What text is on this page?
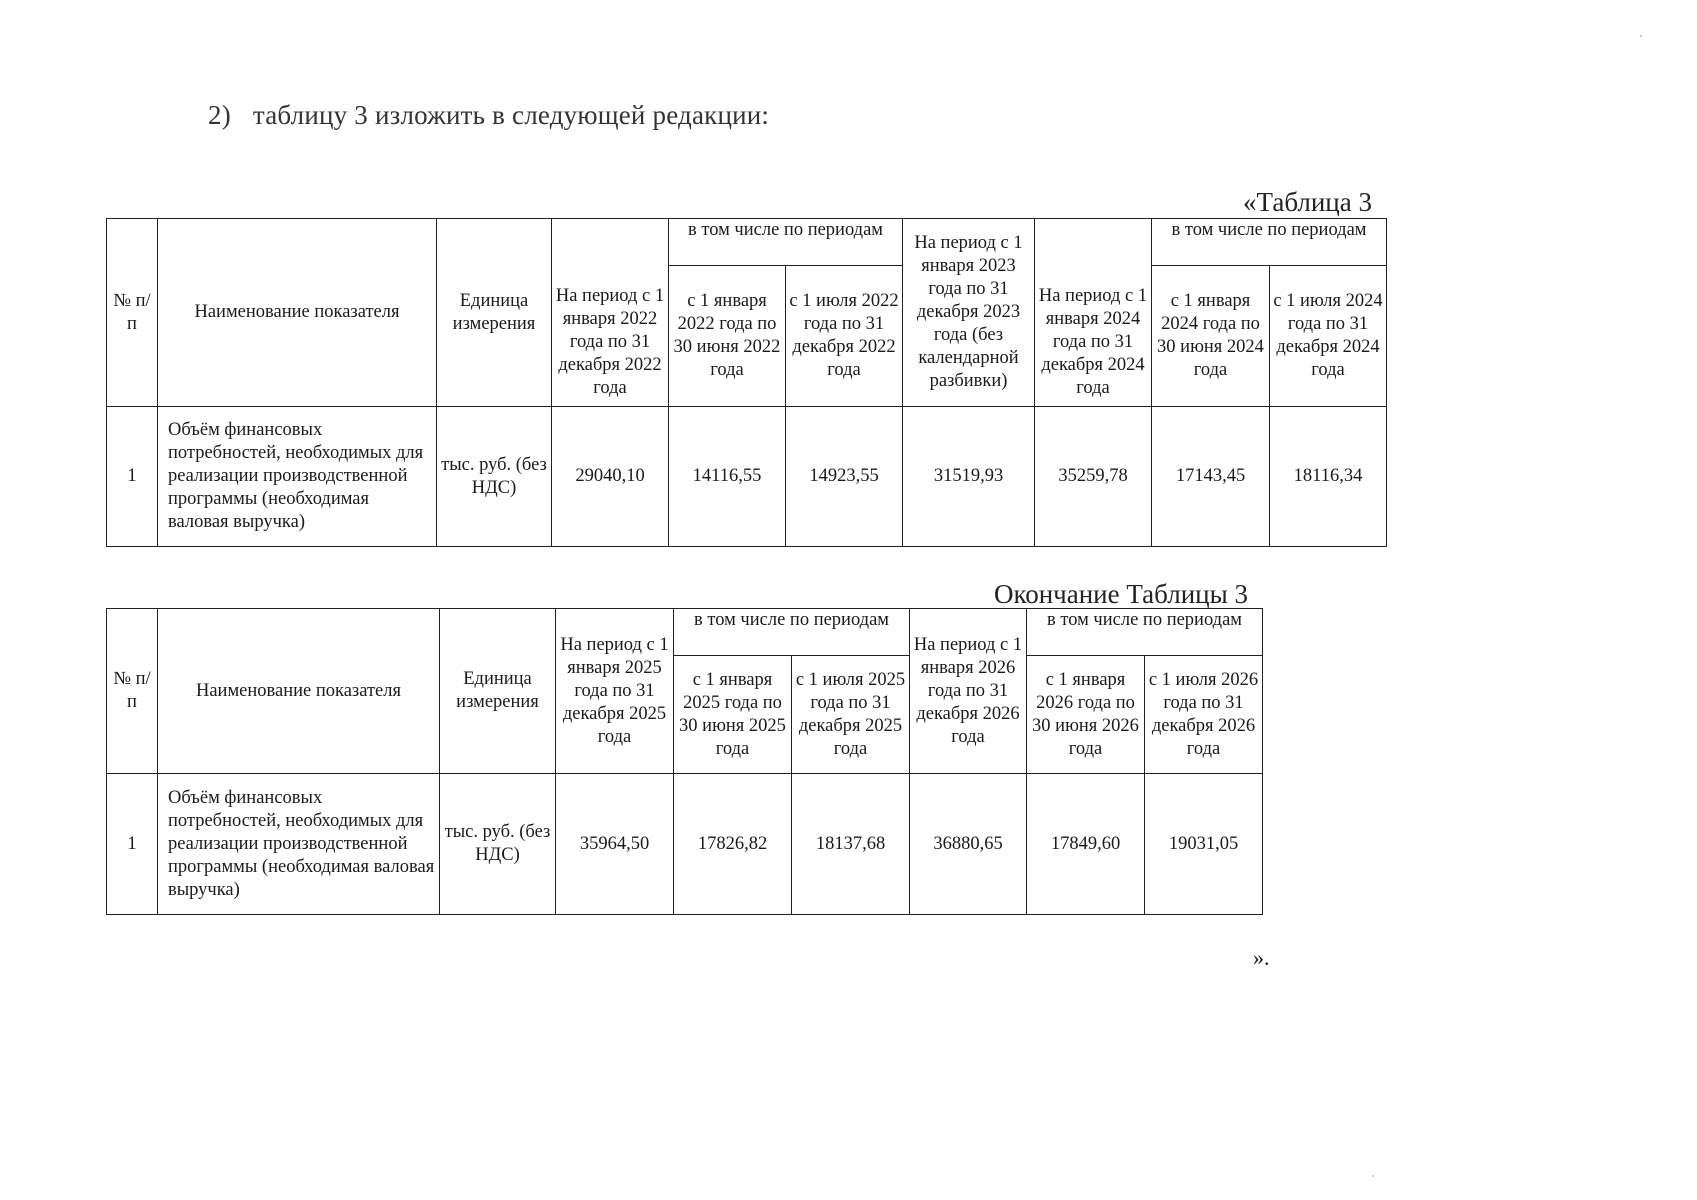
2) таблицу 3 изложить в следующей редакции:
«Таблица 3
№ п/п	Наименование показателя	Единица измерения	На период с 1 января 2022 года по 31 декабря 2022 года	в том числе по периодам		На период с 1 января 2023 года по 31 декабря 2023 года (без календарной разбивки)	На период с 1 января 2024 года по 31 декабря 2024 года	в том числе по периодам	
				с 1 января 2022 года по 30 июня 2022 года	с 1 июля 2022 года по 31 декабря 2022 года			с 1 января 2024 года по 30 июня 2024 года	с 1 июля 2024 года по 31 декабря 2024 года
1	Объём финансовых потребностей, необходимых для реализации производственной программы (необходимая валовая выручка)	тыс. руб. (без НДС)	29040,10	14116,55	14923,55	31519,93	35259,78	17143,45	18116,34
Окончание Таблицы 3
№ п/п	Наименование показателя	Единица измерения	На период с 1 января 2025 года по 31 декабря 2025 года	в том числе по периодам		На период с 1 января 2026 года по 31 декабря 2026 года	в том числе по периодам	
				с 1 января 2025 года по 30 июня 2025 года	с 1 июля 2025 года по 31 декабря 2025 года		с 1 января 2026 года по 30 июня 2026 года	с 1 июля 2026 года по 31 декабря 2026 года
1	Объём финансовых потребностей, необходимых для реализации производственной программы (необходимая валовая выручка)	тыс. руб. (без НДС)	35964,50	17826,82	18137,68	36880,65	17849,60	19031,05
».
